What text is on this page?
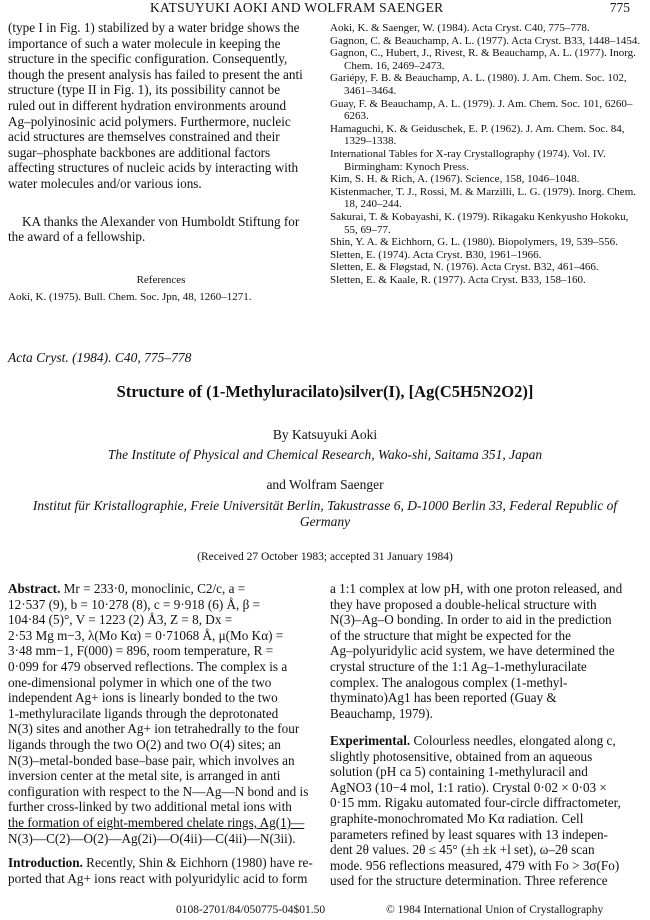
KATSUYUKI AOKI AND WOLFRAM SAENGER	775
(type I in Fig. 1) stabilized by a water bridge shows the
importance of such a water molecule in keeping the
structure in the specific configuration. Consequently,
though the present analysis has failed to present the anti
structure (type II in Fig. 1), its possibility cannot be
ruled out in different hydration environments around
Ag–polyinosinic acid polymers. Furthermore, nucleic
acid structures are themselves constrained and their
sugar–phosphate backbones are additional factors
affecting structures of nucleic acids by interacting with
water molecules and/or various ions.
KA thanks the Alexander von Humboldt Stiftung for
the award of a fellowship.

References

Aoki, K. (1975). Bull. Chem. Soc. Jpn, 48, 1260–1271.

Aoki, K. & Saenger, W. (1984). Acta Cryst. C40, 775–778.

Gagnon, C. & Beauchamp, A. L. (1977). Acta Cryst. B33, 1448–1454.

Gagnon, C., Hubert, J., Rivest, R. & Beauchamp, A. L. (1977). Inorg. Chem. 16, 2469–2473.

Gariépy, F. B. & Beauchamp, A. L. (1980). J. Am. Chem. Soc. 102, 3461–3464.

Guay, F. & Beauchamp, A. L. (1979). J. Am. Chem. Soc. 101, 6260–6263.

Hamaguchi, K. & Geiduschek, E. P. (1962). J. Am. Chem. Soc. 84, 1329–1338.

International Tables for X-ray Crystallography (1974). Vol. IV. Birmingham: Kynoch Press.

Kim, S. H. & Rich, A. (1967). Science, 158, 1046–1048.

Kistenmacher, T. J., Rossi, M. & Marzilli, L. G. (1979). Inorg. Chem. 18, 240–244.

Sakurai, T. & Kobayashi, K. (1979). Rikagaku Kenkyusho Hokoku, 55, 69–77.

Shin, Y. A. & Eichhorn, G. L. (1980). Biopolymers, 19, 539–556.

Sletten, E. (1974). Acta Cryst. B30, 1961–1966.

Sletten, E. & Fløgstad, N. (1976). Acta Cryst. B32, 461–466.

Sletten, E. & Kaale, R. (1977). Acta Cryst. B33, 158–160.

Acta Cryst. (1984). C40, 775–778
Structure of (1-Methyluracilato)silver(I), [Ag(C5H5N2O2)]
By Katsuyuki Aoki
The Institute of Physical and Chemical Research, Wako-shi, Saitama 351, Japan
and Wolfram Saenger
Institut für Kristallographie, Freie Universität Berlin, Takustrasse 6, D-1000 Berlin 33, Federal Republic of
Germany
(Received 27 October 1983; accepted 31 January 1984)
Abstract. Mr = 233·0, monoclinic, C2/c, a =
12·537 (9), b = 10·278 (8), c = 9·918 (6) Å, β =
104·84 (5)°, V = 1223 (2) Å3, Z = 8, Dx =
2·53 Mg m−3, λ(Mo Kα) = 0·71068 Å, μ(Mo Kα) =
3·48 mm−1, F(000) = 896, room temperature, R =
0·099 for 479 observed reflections. The complex is a
one-dimensional polymer in which one of the two
independent Ag+ ions is linearly bonded to the two
1-methyluracilate ligands through the deprotonated
N(3) sites and another Ag+ ion tetrahedrally to the four
ligands through the two O(2) and two O(4) sites; an
N(3)–metal-bonded base–base pair, which involves an
inversion center at the metal site, is arranged in anti
configuration with respect to the N—Ag—N bond and is
further cross-linked by two additional metal ions with
the formation of eight-membered chelate rings, Ag(1)—
N(3)—C(2)—O(2)—Ag(2i)—O(4ii)—C(4ii)—N(3ii).
Introduction. Recently, Shin & Eichhorn (1980) have re-
ported that Ag+ ions react with polyuridylic acid to form
a 1:1 complex at low pH, with one proton released, and
they have proposed a double-helical structure with
N(3)–Ag–O bonding. In order to aid in the prediction
of the structure that might be expected for the
Ag–polyuridylic acid system, we have determined the
crystal structure of the 1:1 Ag–1-methyluracilate
complex. The analogous complex (1-methyl-
thyminato)Ag1 has been reported (Guay &
Beauchamp, 1979).
Experimental. Colourless needles, elongated along c,
slightly photosensitive, obtained from an aqueous
solution (pH ca 5) containing 1-methyluracil and
AgNO3 (10−4 mol, 1:1 ratio). Crystal 0·02 × 0·03 ×
0·15 mm. Rigaku automated four-circle diffractometer,
graphite-monochromated Mo Kα radiation. Cell
parameters refined by least squares with 13 indepen-
dent 2θ values. 2θ ≤ 45° (±h ±k +l set), ω–2θ scan
mode. 956 reflections measured, 479 with Fo > 3σ(Fo)
used for the structure determination. Three reference
0108-2701/84/050775-04$01.50	© 1984 International Union of Crystallography
